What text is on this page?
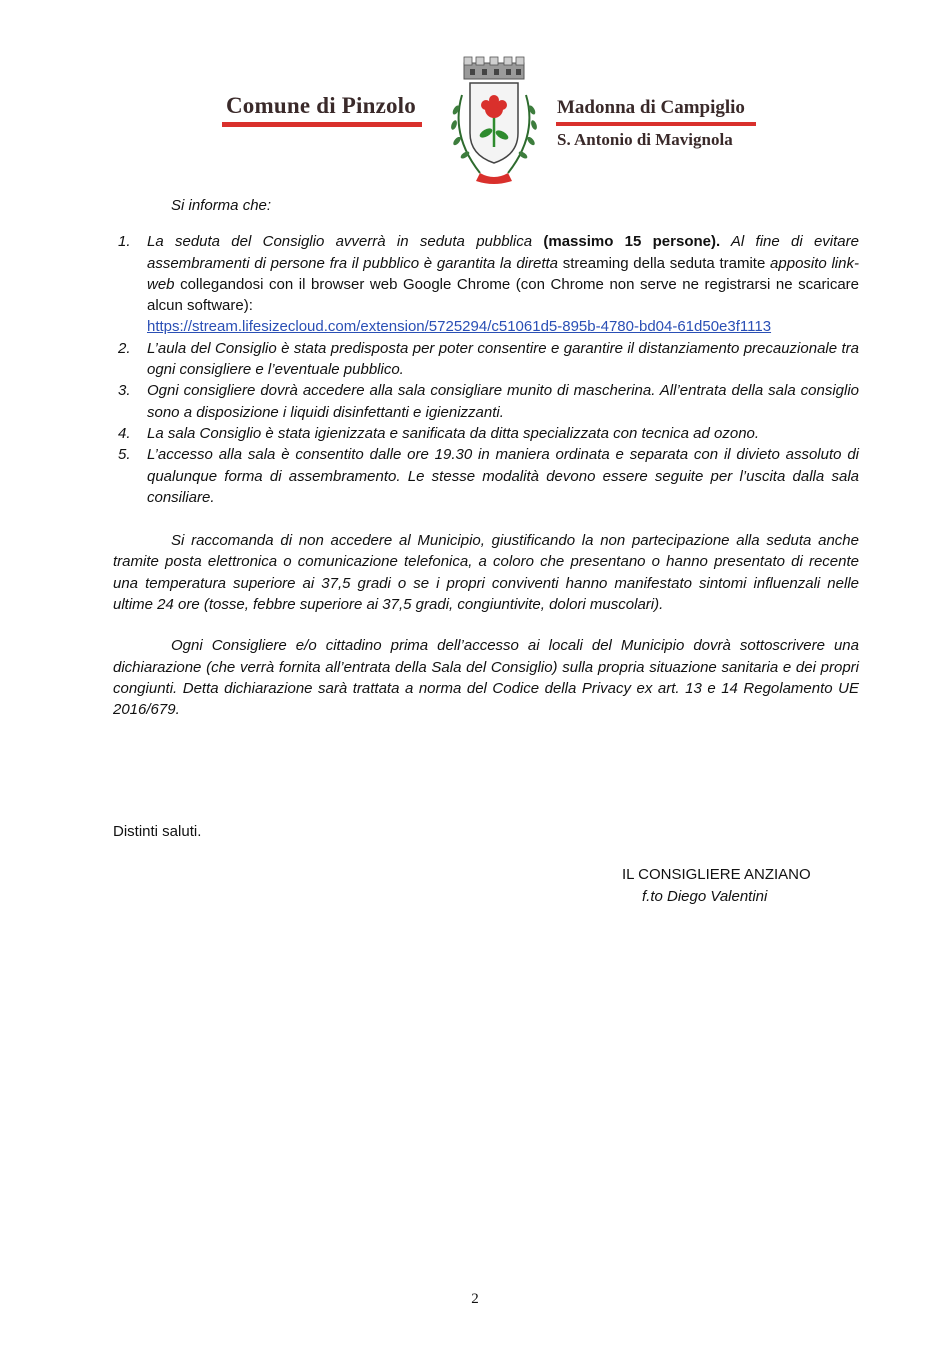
Comune di Pinzolo	Madonna di Campiglio
S. Antonio di Mavignola

Si informa che:

1. La seduta del Consiglio avverrà in seduta pubblica (massimo 15 persone). Al fine di evitare assembramenti di persone fra il pubblico è garantita la diretta streaming della seduta tramite apposito link-web collegandosi con il browser web Google Chrome (con Chrome non serve ne registrarsi ne scaricare alcun software):
https://stream.lifesizecloud.com/extension/5725294/c51061d5-895b-4780-bd04-61d50e3f1113
2. L’aula del Consiglio è stata predisposta per poter consentire e garantire il distanziamento precauzionale tra ogni consigliere e l’eventuale pubblico.
3. Ogni consigliere dovrà accedere alla sala consigliare munito di mascherina. All’entrata della sala consiglio sono a disposizione i liquidi disinfettanti e igienizzanti.
4. La sala Consiglio è stata igienizzata e sanificata da ditta specializzata con tecnica ad ozono.
5. L’accesso alla sala è consentito dalle ore 19.30 in maniera ordinata e separata con il divieto assoluto di qualunque forma di assembramento. Le stesse modalità devono essere seguite per l’uscita dalla sala consiliare.

Si raccomanda di non accedere al Municipio, giustificando la non partecipazione alla seduta anche tramite posta elettronica o comunicazione telefonica, a coloro che presentano o hanno presentato di recente una temperatura superiore ai 37,5 gradi o se i propri conviventi hanno manifestato sintomi influenzali nelle ultime 24 ore (tosse, febbre superiore ai 37,5 gradi, congiuntivite, dolori muscolari).

Ogni Consigliere e/o cittadino prima dell’accesso ai locali del Municipio dovrà sottoscrivere una dichiarazione (che verrà fornita all’entrata della Sala del Consiglio) sulla propria situazione sanitaria e dei propri congiunti. Detta dichiarazione sarà trattata a norma del Codice della Privacy ex art. 13 e 14 Regolamento UE 2016/679.

Distinti saluti.
IL CONSIGLIERE ANZIANO
f.to Diego Valentini
2
